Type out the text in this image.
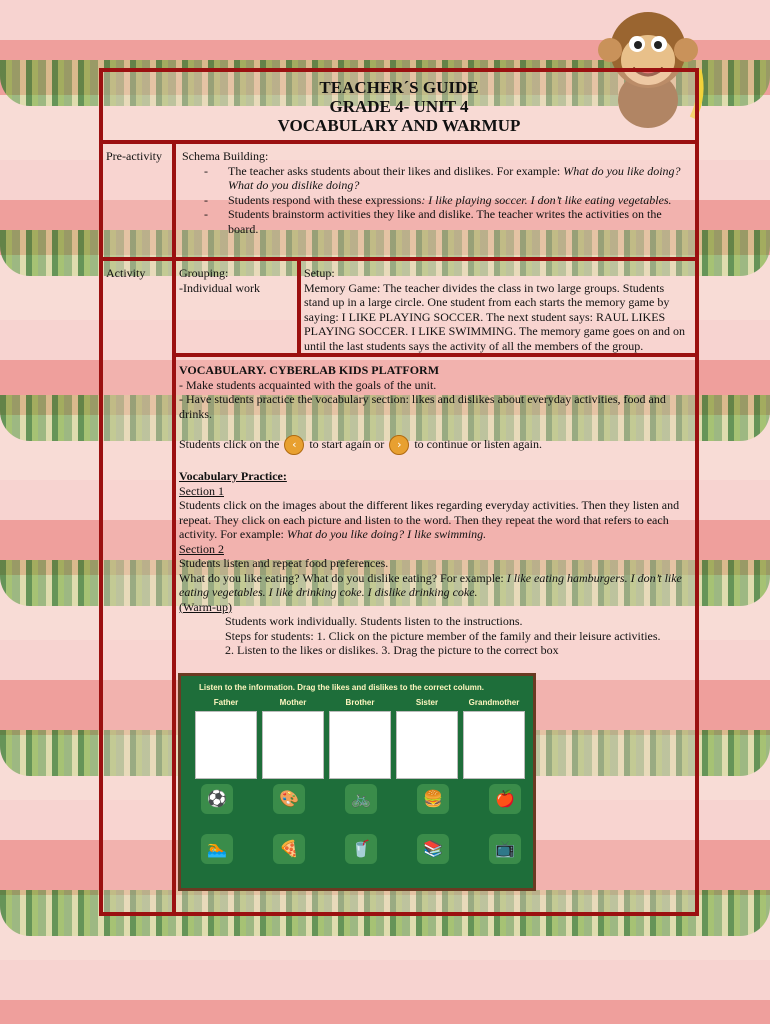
TEACHER´S GUIDE
GRADE 4- UNIT 4
VOCABULARY AND WARMUP
Pre-activity Schema Building:
- The teacher asks students about their likes and dislikes. For example: What do you like doing? What do you dislike doing?
- Students respond with these expressions: I like playing soccer. I don’t like eating vegetables.
- Students brainstorm activities they like and dislike. The teacher writes the activities on the board.
Activity	Grouping:
-Individual work
Setup:
Memory Game: The teacher divides the class in two large groups. Students stand up in a large circle. One student from each starts the memory game by saying: I LIKE PLAYING SOCCER. The next student says: RAUL LIKES PLAYING SOCCER. I LIKE SWIMMING. The memory game goes on and on until the last students says the activity of all the members of the group.
VOCABULARY. CYBERLAB KIDS PLATFORM
- Make students acquainted with the goals of the unit.
- Have students practice the vocabulary section: likes and dislikes about everyday activities, food and drinks.
Students click on the ‹ to start again or › to continue or listen again.
Vocabulary Practice:
Section 1
Students click on the images about the different likes regarding everyday activities. Then they listen and repeat. They click on each picture and listen to the word. Then they repeat the word that refers to each activity. For example: What do you like doing? I like swimming.
Section 2
Students listen and repeat food preferences.
What do you like eating? What do you dislike eating? For example: I like eating hamburgers. I don’t like eating vegetables. I like drinking coke. I dislike drinking coke.
(Warm-up)
Students work individually. Students listen to the instructions.
Steps for students: 1. Click on the picture member of the family and their leisure activities.
2. Listen to the likes or dislikes. 3. Drag the picture to the correct box
Listen to the information. Drag the likes and dislikes to the correct column.
Father	Mother	Brother	Sister	Grandmother
⚽	🎨	🚲	🍔	🍎
🏊	🍕	🥤	📚	📺
